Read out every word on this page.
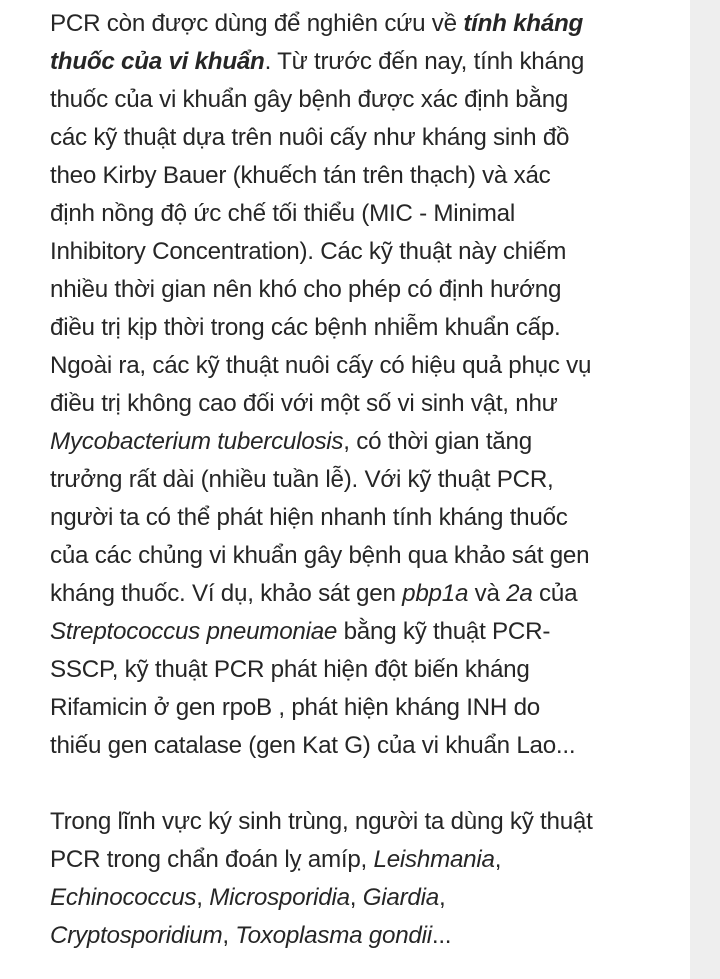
PCR còn được dùng để nghiên cứu về tính kháng
thuốc của vi khuẩn. Từ trước đến nay, tính kháng
thuốc của vi khuẩn gây bệnh được xác định bằng
các kỹ thuật dựa trên nuôi cấy như kháng sinh đồ
theo Kirby Bauer (khuếch tán trên thạch) và xác
định nồng độ ức chế tối thiểu (MIC - Minimal
Inhibitory Concentration). Các kỹ thuật này chiếm
nhiều thời gian nên khó cho phép có định hướng
điều trị kịp thời trong các bệnh nhiễm khuẩn cấp.
Ngoài ra, các kỹ thuật nuôi cấy có hiệu quả phục vụ
điều trị không cao đối với một số vi sinh vật, như
Mycobacterium tuberculosis, có thời gian tăng
trưởng rất dài (nhiều tuần lễ). Với kỹ thuật PCR,
người ta có thể phát hiện nhanh tính kháng thuốc
của các chủng vi khuẩn gây bệnh qua khảo sát gen
kháng thuốc. Ví dụ, khảo sát gen pbp1a và 2a của
Streptococcus pneumoniae bằng kỹ thuật PCR-
SSCP, kỹ thuật PCR phát hiện đột biến kháng
Rifamicin ở gen rpoB , phát hiện kháng INH do
thiếu gen catalase (gen Kat G) của vi khuẩn Lao...

Trong lĩnh vực ký sinh trùng, người ta dùng kỹ thuật
PCR trong chẩn đoán lỵ amíp, Leishmania,
Echinococcus, Microsporidia, Giardia,
Cryptosporidium, Toxoplasma gondii...
